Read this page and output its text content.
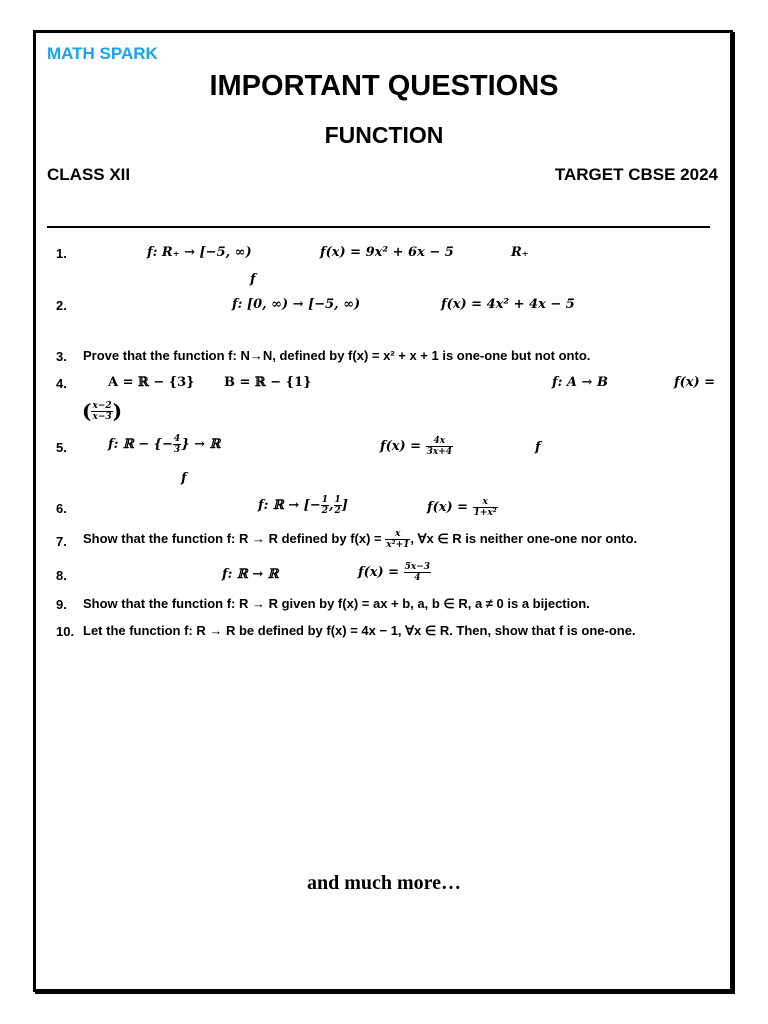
MATH SPARK
IMPORTANT QUESTIONS
FUNCTION
CLASS XII	TARGET CBSE 2024
1.	f: R₊ → [−5, ∞)	f(x) = 9x² + 6x − 5	R₊
f
2.	f: [0, ∞) → [−5, ∞)	f(x) = 4x² + 4x − 5
3. Prove that the function f: N→N, defined by f(x) = x² + x + 1 is one-one but not onto.
4.	A = ℝ − {3} B = ℝ − {1}	f: A → B	f(x) =
( $\frac{x-2}{x-3}$ )
5.	f: ℝ − {− $\frac{4}{3}$ } → ℝ	$f(x) = \frac{4x}{3x+4}$	f
f
6.	f: ℝ → [− $\frac{1}{2}$ , $\frac{1}{2}$ ]	$f(x) = \frac{x}{\text{1+x²}}$
7. Show that the function f: R → R defined by $f(x) = \frac{x}{\text{x²+1}}$ , ∀x ∈ R is neither one-one nor onto.
8.	f: ℝ → ℝ	$f(x) = \frac{5x-3}{4}$
9. Show that the function f: R → R given by f(x) = ax + b, a, b ∈ R, a ≠ 0 is a bijection.
10. Let the function f: R → R be defined by f(x) = 4x − 1, ∀x ∈ R. Then, show that f is one-one.
and much more…
